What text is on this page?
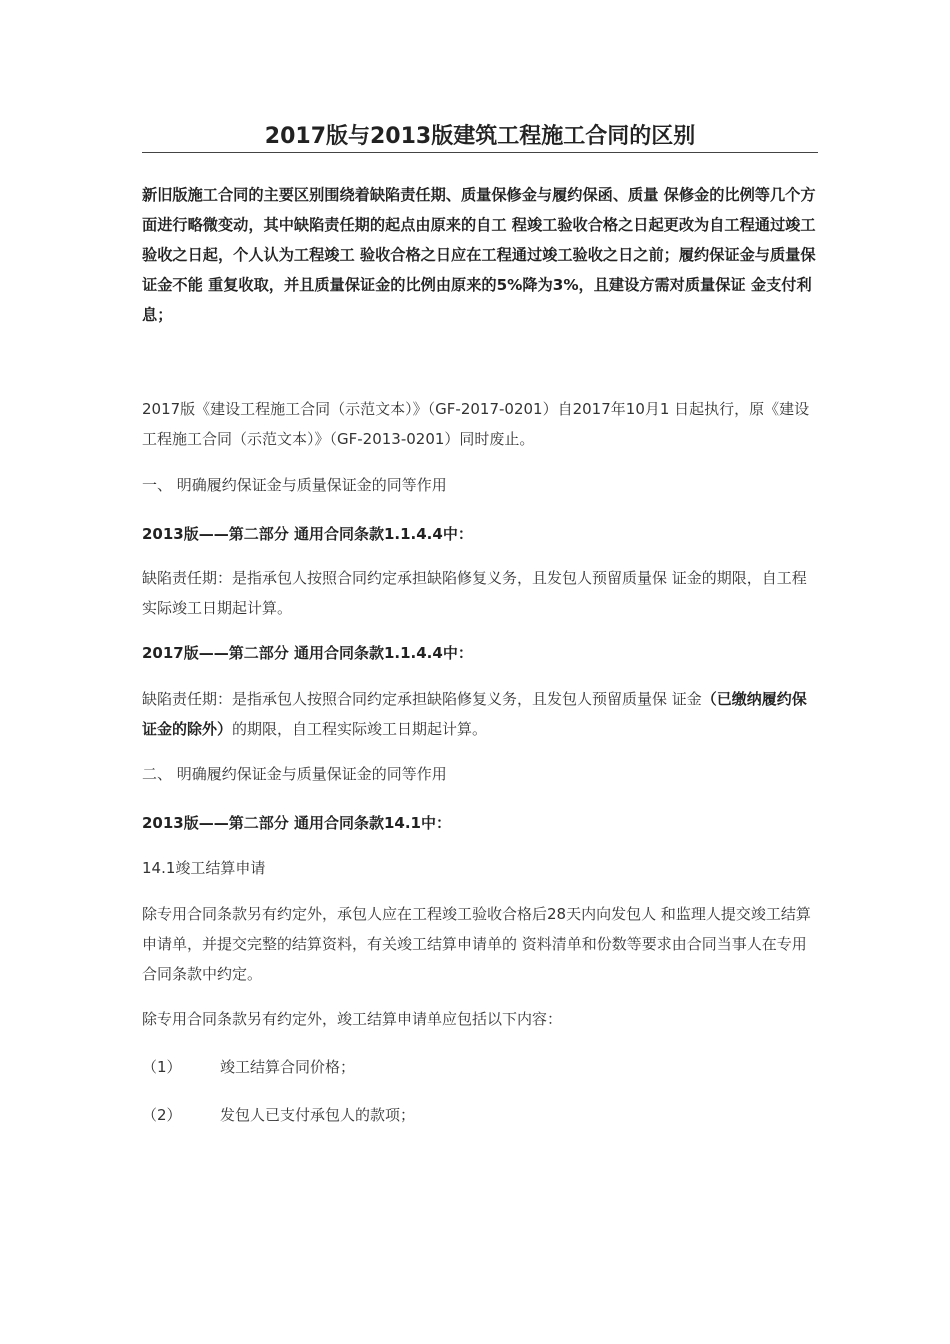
2017版与2013版建筑工程施工合同的区别

新旧版施工合同的主要区别围绕着缺陷责任期、质量保修金与履约保函、质量 保修金的比例等几个方面进行略微变动，其中缺陷责任期的起点由原来的自工 程竣工验收合格之日起更改为自工程通过竣工验收之日起，个人认为工程竣工 验收合格之日应在工程通过竣工验收之日之前；履约保证金与质量保证金不能 重复收取，并且质量保证金的比例由原来的5%降为3%，且建设方需对质量保证 金支付利息；

2017版《建设工程施工合同（示范文本）》（GF-2017-0201）自2017年10月1 日起执行，原《建设工程施工合同（示范文本）》（GF-2013-0201）同时废止。

一、 明确履约保证金与质量保证金的同等作用

2013版——第二部分 通用合同条款1.1.4.4中：

缺陷责任期：是指承包人按照合同约定承担缺陷修复义务，且发包人预留质量保 证金的期限，自工程实际竣工日期起计算。

2017版——第二部分 通用合同条款1.1.4.4中：

缺陷责任期：是指承包人按照合同约定承担缺陷修复义务，且发包人预留质量保 证金（已缴纳履约保证金的除外）的期限，自工程实际竣工日期起计算。

二、 明确履约保证金与质量保证金的同等作用

2013版——第二部分 通用合同条款14.1中：

14.1竣工结算申请

除专用合同条款另有约定外，承包人应在工程竣工验收合格后28天内向发包人 和监理人提交竣工结算申请单，并提交完整的结算资料，有关竣工结算申请单的 资料清单和份数等要求由合同当事人在专用合同条款中约定。

除专用合同条款另有约定外，竣工结算申请单应包括以下内容：

（1）	竣工结算合同价格；

（2）	发包人已支付承包人的款项；
